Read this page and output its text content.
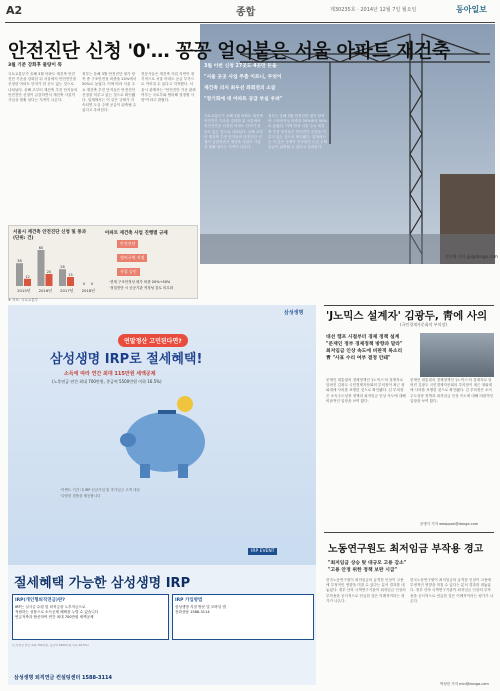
A2	종합	제30235호 · 2014년 12월 7일 월요일	동아일보
안전진단 신청 '0'… 꽁꽁 얼어붙은 서울 아파트 재건축
3월 기준 강화후 물량이 뚝

국토교통부가 올해 3월 아파트 재건축 안전진단 기준을 강화한 뒤 서울에서 안전진단을 신청한 아파트 단지가 한 곳도 없는 것으로 나타났다. 올해 초부터 재건축 추진 단지들의 안전진단 신청이 급감하면서 재건축 사업이 사실상 멈춰 섰다는 지적이 나온다.

정부는 올해 3월 안전진단 평가 항목 중 구조안전성 비중을 20%에서 50%로 높였다. 이에 따라 서울 주요 재건축 추진 단지들은 안전진단 신청을 미루고 있는 것으로 확인됐다. 업계에서는 이 같은 규제가 지속되면 도심 주택 공급이 위축될 수 있다고 우려한다.

전문가들은 재건축 사업 지연이 장기적으로 서울 아파트 공급 부족으로 이어질 수 있다고 지적했다. 서울시 관계자는 "안전진단 기준 완화 여부는 국토부와 협의해 결정할 사항"이라고 밝혔다.

3월 이번 신청 27곳도 4곳만 돈을
"서울 곳곳 사업 주춤 이르니, 무엇이
재건축 의지 최우선 좌회전의 소굴
"정기회에 대 아파트 공급 부실 우려"

국토교통부가 올해 3월 아파트 재건축 안전진단 기준을 강화한 뒤 서울에서 안전진단을 신청한 아파트 단지가 한 곳도 없는 것으로 나타났다. 올해 초부터 재건축 추진 단지들의 안전진단 신청이 급감하면서 재건축 사업이 사실상 멈춰 섰다는 지적이 나온다.

정부는 올해 3월 안전진단 평가 항목 중 구조안전성 비중을 20%에서 50%로 높였다. 이에 따라 서울 주요 재건축 추진 단지들은 안전진단 신청을 미루고 있는 것으로 확인됐다. 업계에서는 이 같은 규제가 지속되면 도심 주택 공급이 위축될 수 있다고 우려한다.

정지영 기자 jjy@donga.com
서울시 재건축 안전진단 신청 및 통과 (단위: 건)
38
12
2015년
60
20
2016년
28
15
2017년
0 0
2018년
아파트 재건축 사업 진행별 규제
안전진단
정비구역 지정
사업 승인
·현재 구조안정성 평가 비중 20%→50%
·정밀진단 시 공공기관 적정성 검토 의무화
※ 자료: 국토교통부
삼성생명
연말정산 고민된다면?
삼성생명 IRP로 절세혜택!
소득에 따라 연간 최대 115만원 세액공제
(노후연금 연간 최대 700만원, 총급여 5500만원 이하 16.5%)
·이벤트 기간 내 IRP 신규가입 및 추가입금 고객 대상
·다양한 경품을 제공합니다
IRP EVENT
절세혜택 가능한 삼성생명 IRP
IRP(개인형퇴직연금)란?
IRP는 일시금 수령 및 퇴직금을 노후자금으로
적립하는 상품으로 소득공제 혜택을 누릴 수 있습니다
연금저축과 합산하여 연간 최대 700만원 세액공제
IRP 가입방법
삼성생명 지점 방문 및 모바일 앱
전화상담 1588-3114
(노후연금 연간 최대 700만원, 총급여 5500만원 이하 16.5%)
삼성생명 퇴직연금 컨설팅센터 1588-3114
'J노믹스 설계자' 김광두, 靑에 사의
(국민경제자문회의 부의장)
대선 캠프 시절부터 경제 정책 설계
"문재인 정부 경제정책 방향과 달라"
최저임금 인상 속도에 비판적 목소리
靑 "사표 수리 여부 결정 안돼"

문재인 대통령의 경제정책인 'J노믹스'의 설계자로 알려진 김광두 국민경제자문회의 부의장이 최근 청와대에 사의를 표명한 것으로 확인됐다. 김 부의장은 소득주도성장 정책과 최저임금 인상 속도에 대해 비판적인 입장을 보여 왔다.

문재인 대통령의 경제정책인 'J노믹스'의 설계자로 알려진 김광두 국민경제자문회의 부의장이 최근 청와대에 사의를 표명한 것으로 확인됐다. 김 부의장은 소득주도성장 정책과 최저임금 인상 속도에 대해 비판적인 입장을 보여 왔다.

문병기 기자 weappon@donga.com
노동연구원도 최저임금 부작용 경고
"최저임금 상승 탓 대규모 고용 감소"
"고용 안정 위한 정책 보완 시급"

한국노동연구원이 최저임금의 급격한 인상이 고용에 부정적인 영향을 미칠 수 있다는 분석 결과를 내놓았다. 정부 산하 국책연구기관이 최저임금 인상의 부작용을 공식적으로 언급한 것은 이례적이라는 평가가 나온다.

한국노동연구원이 최저임금의 급격한 인상이 고용에 부정적인 영향을 미칠 수 있다는 분석 결과를 내놓았다. 정부 산하 국책연구기관이 최저임금 인상의 부작용을 공식적으로 언급한 것은 이례적이라는 평가가 나온다.

박성민 기자 min@donga.com
